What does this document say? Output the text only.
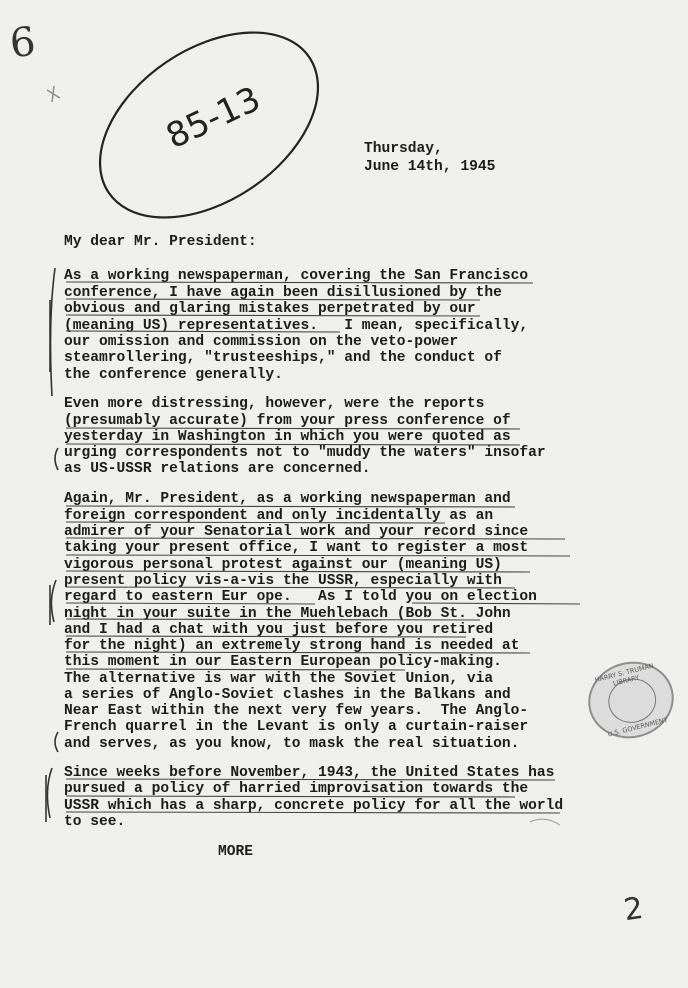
6
85-13	Thursday,
June 14th, 1945
My dear Mr. President:
As a working newspaperman, covering the San Francisco
conference, I have again been disillusioned by the
obvious and glaring mistakes perpetrated by our
(meaning US) representatives.   I mean, specifically,
our omission and commission on the veto-power
steamrollering, "trusteeships," and the conduct of
the conference generally.
Even more distressing, however, were the reports
(presumably accurate) from your press conference of
yesterday in Washington in which you were quoted as
urging correspondents not to "muddy the waters" insofar
as US-USSR relations are concerned.
Again, Mr. President, as a working newspaperman and
foreign correspondent and only incidentally as an
admirer of your Senatorial work and your record since
taking your present office, I want to register a most
vigorous personal protest against our (meaning US)
present policy vis-a-vis the USSR, especially with
regard to eastern Eur ope.   As I told you on election
night in your suite in the Muehlebach (Bob St. John
and I had a chat with you just before you retired
for the night) an extremely strong hand is needed at
this moment in our Eastern European policy-making.
The alternative is war with the Soviet Union, via
a series of Anglo-Soviet clashes in the Balkans and
Near East within the next very few years.  The Anglo-
French quarrel in the Levant is only a curtain-raiser
and serves, as you know, to mask the real situation.
Since weeks before November, 1943, the United States has
pursued a policy of harried improvisation towards the
USSR which has a sharp, concrete policy for all the world
to see.
MORE
HARRY S. TRUMAN LIBRARY
U.S. GOVERNMENT
2
